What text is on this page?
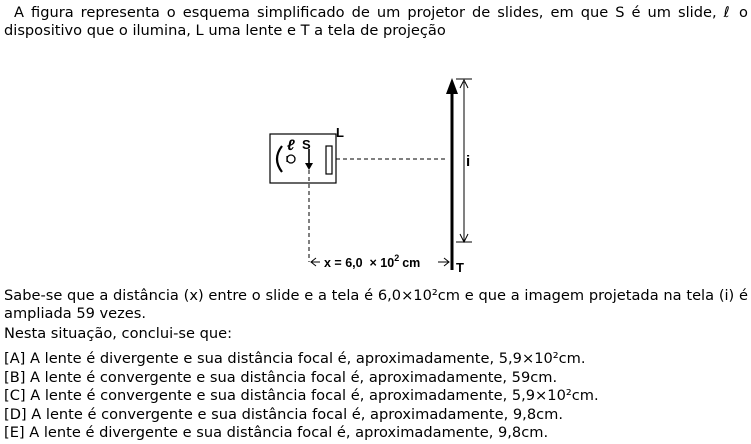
A figura representa o esquema simplificado de um projetor de slides, em que S é um slide, ℓ o dispositivo que o ilumina, L uma lente e T a tela de projeção

ℓ S
L
i
T
$x = 6,0 \times 10^2$ cm

Sabe-se que a distância (x) entre o slide e a tela é 6,0×10²cm e que a imagem projetada na tela (i) é ampliada 59 vezes.

Nesta situação, conclui-se que:
[A] A lente é divergente e sua distância focal é, aproximadamente, 5,9×10²cm.
[B] A lente é convergente e sua distância focal é, aproximadamente, 59cm.
[C] A lente é convergente e sua distância focal é, aproximadamente, 5,9×10²cm.
[D] A lente é convergente e sua distância focal é, aproximadamente, 9,8cm.
[E] A lente é divergente e sua distância focal é, aproximadamente, 9,8cm.
